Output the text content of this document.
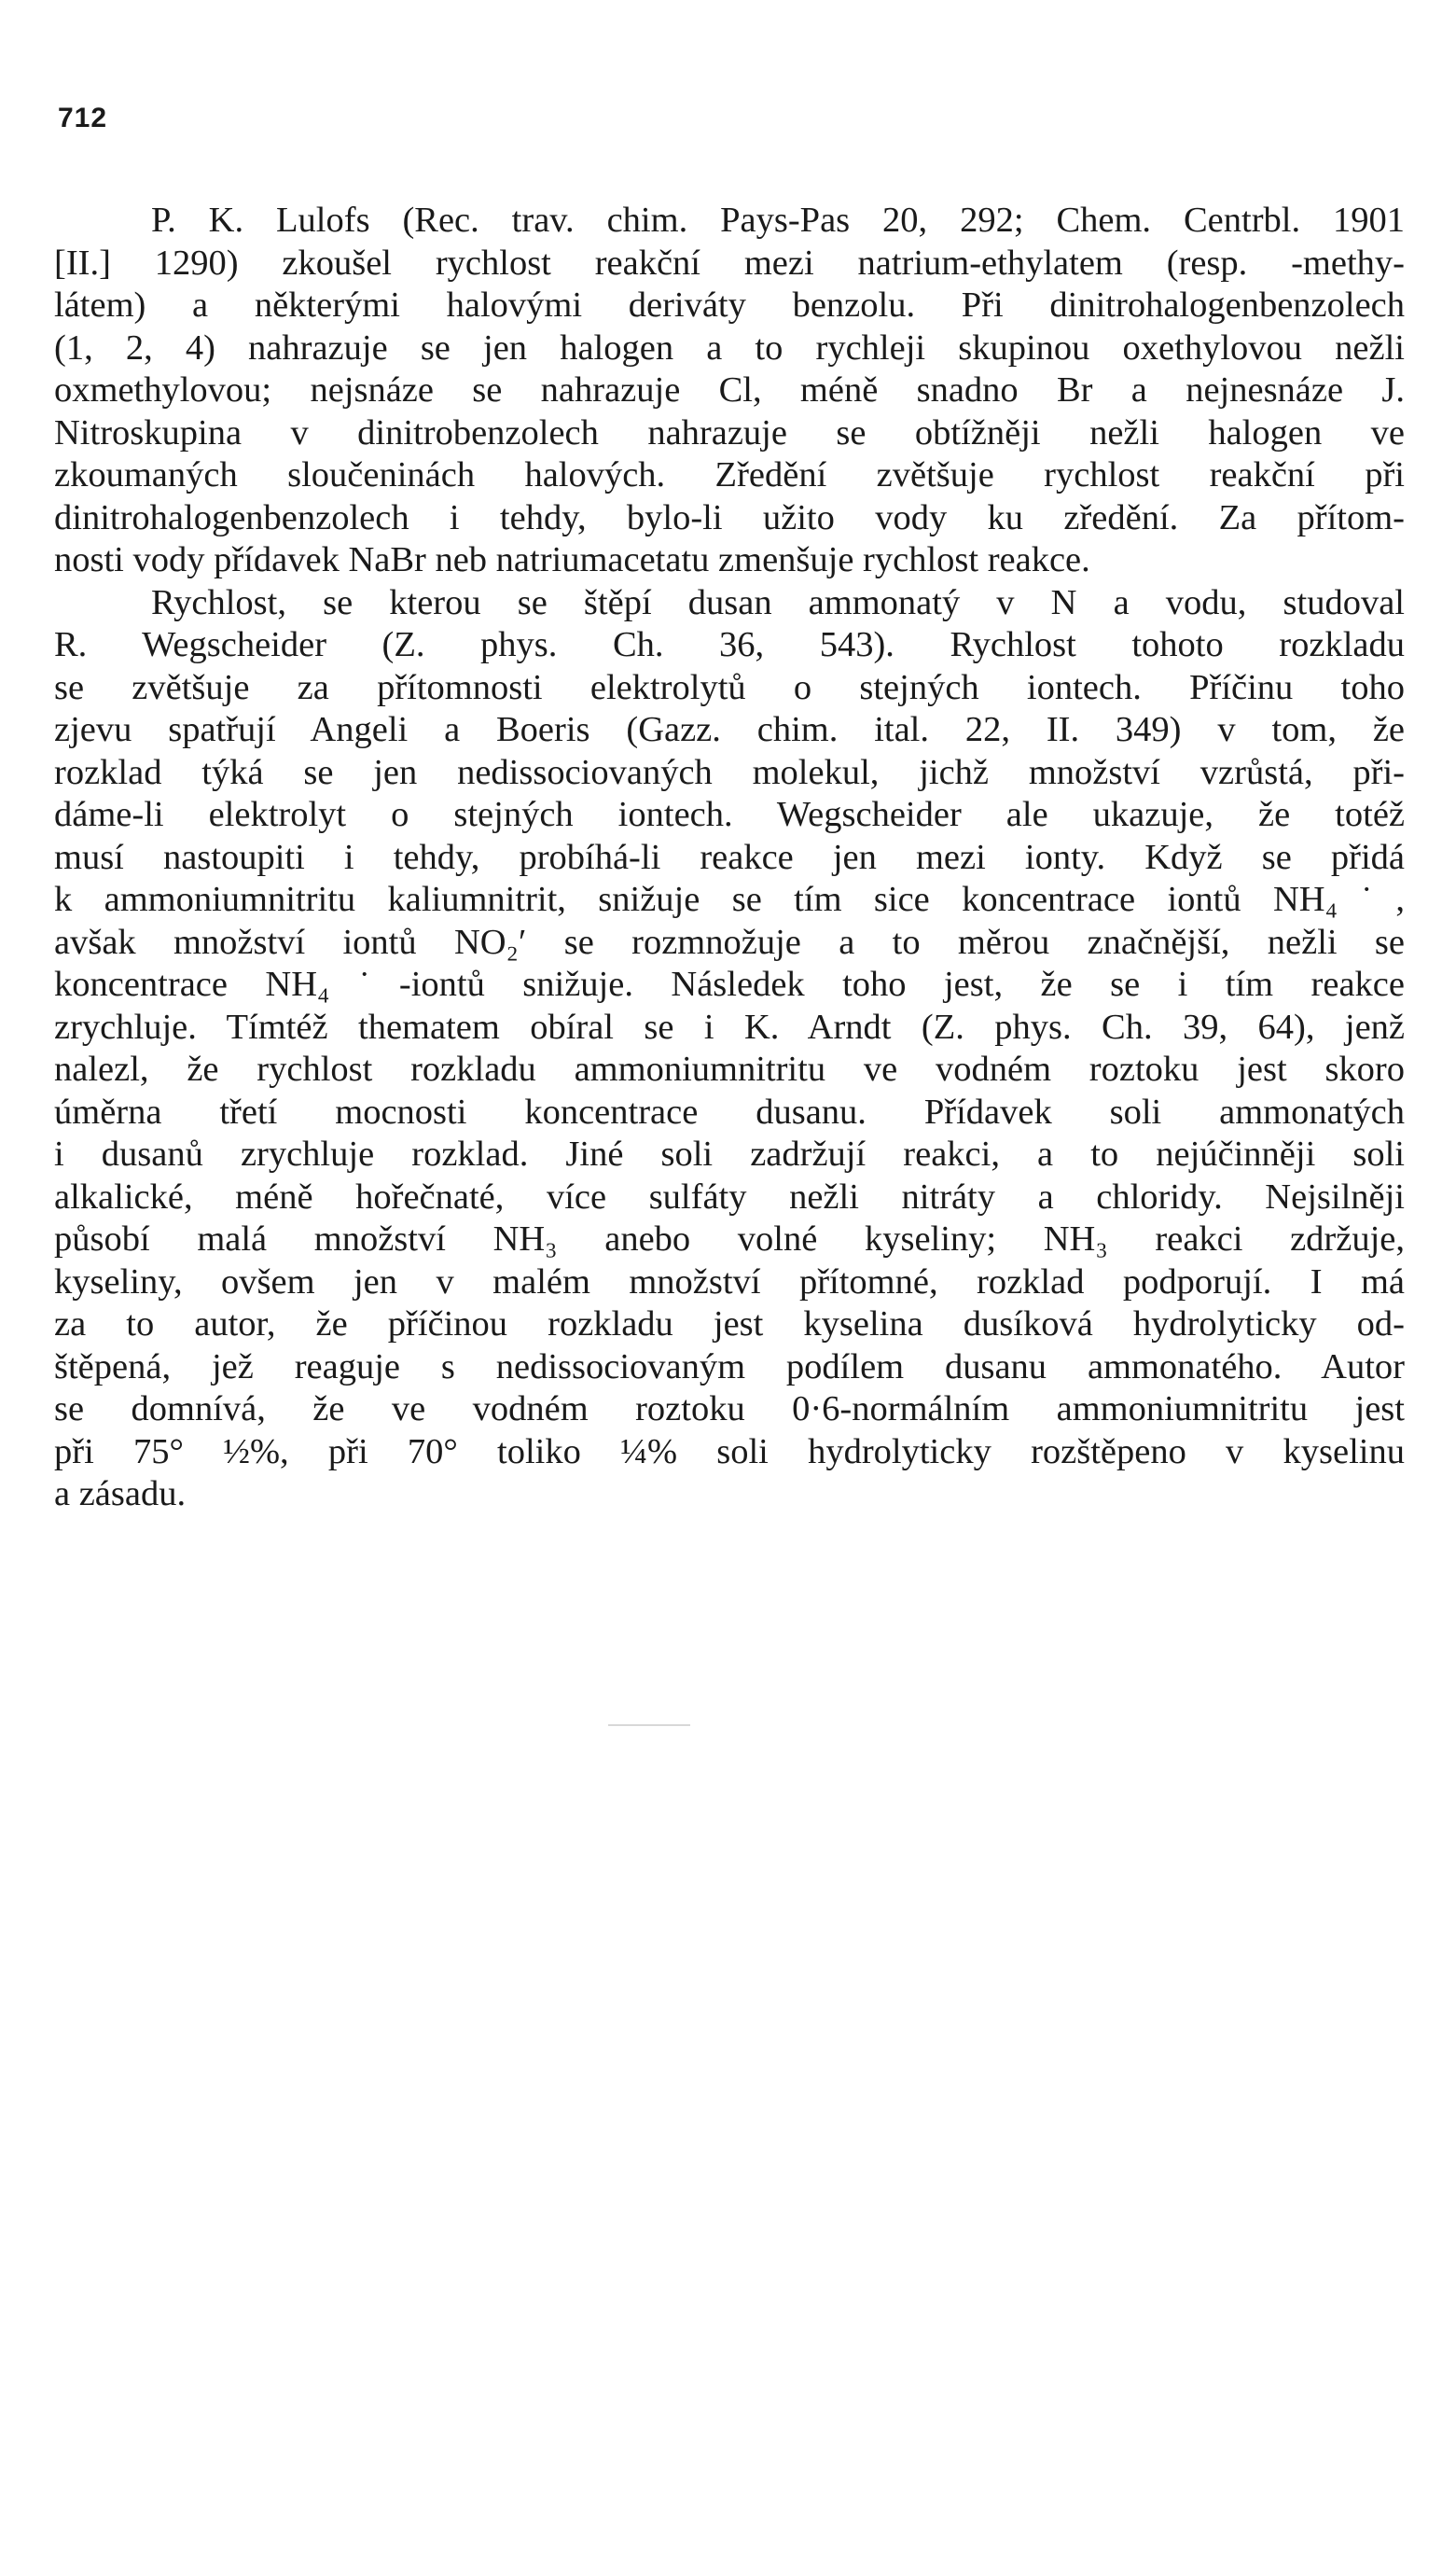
712
P. K. Lulofs (Rec. trav. chim. Pays-Pas 20, 292; Chem. Centrbl. 1901
[II.] 1290) zkoušel rychlost reakční mezi natrium-ethylatem (resp. -methy-
látem) a některými halovými deriváty benzolu. Při dinitrohalogenbenzolech
(1, 2, 4) nahrazuje se jen halogen a to rychleji skupinou oxethylovou nežli
oxmethylovou; nejsnáze se nahrazuje Cl, méně snadno Br a nejnesnáze J.
Nitroskupina v dinitrobenzolech nahrazuje se obtížněji nežli halogen ve
zkoumaných sloučeninách halových. Zředění zvětšuje rychlost reakční při
dinitrohalogenbenzolech i tehdy, bylo-li užito vody ku zředění. Za přítom-
nosti vody přídavek NaBr neb natriumacetatu zmenšuje rychlost reakce.
Rychlost, se kterou se štěpí dusan ammonatý v N a vodu, studoval
R. Wegscheider (Z. phys. Ch. 36, 543). Rychlost tohoto rozkladu
se zvětšuje za přítomnosti elektrolytů o stejných iontech. Příčinu toho
zjevu spatřují Angeli a Boeris (Gazz. chim. ital. 22, II. 349) v tom, že
rozklad týká se jen nedissociovaných molekul, jichž množství vzrůstá, při-
dáme-li elektrolyt o stejných iontech. Wegscheider ale ukazuje, že totéž
musí nastoupiti i tehdy, probíhá-li reakce jen mezi ionty. Když se přidá
k ammoniumnitritu kaliumnitrit, snižuje se tím sice koncentrace iontů NH₄˙,
avšak množství iontů NO₂′ se rozmnožuje a to měrou značnější, nežli se
koncentrace NH₄˙-iontů snižuje. Následek toho jest, že se i tím reakce
zrychluje. Tímtéž thematem obíral se i K. Arndt (Z. phys. Ch. 39, 64), jenž
nalezl, že rychlost rozkladu ammoniumnitritu ve vodném roztoku jest skoro
úměrna třetí mocnosti koncentrace dusanu. Přídavek soli ammonatých
i dusanů zrychluje rozklad. Jiné soli zadržují reakci, a to nejúčinněji soli
alkalické, méně hořečnaté, více sulfáty nežli nitráty a chloridy. Nejsilněji
působí malá množství NH₃ anebo volné kyseliny; NH₃ reakci zdržuje,
kyseliny, ovšem jen v malém množství přítomné, rozklad podporují. I má
za to autor, že příčinou rozkladu jest kyselina dusíková hydrolyticky od-
štěpená, jež reaguje s nedissociovaným podílem dusanu ammonatého. Autor
se domnívá, že ve vodném roztoku 0·6-normálním ammoniumnitritu jest
při 75° ½%, při 70° toliko ¼% soli hydrolyticky rozštěpeno v kyselinu
a zásadu.
